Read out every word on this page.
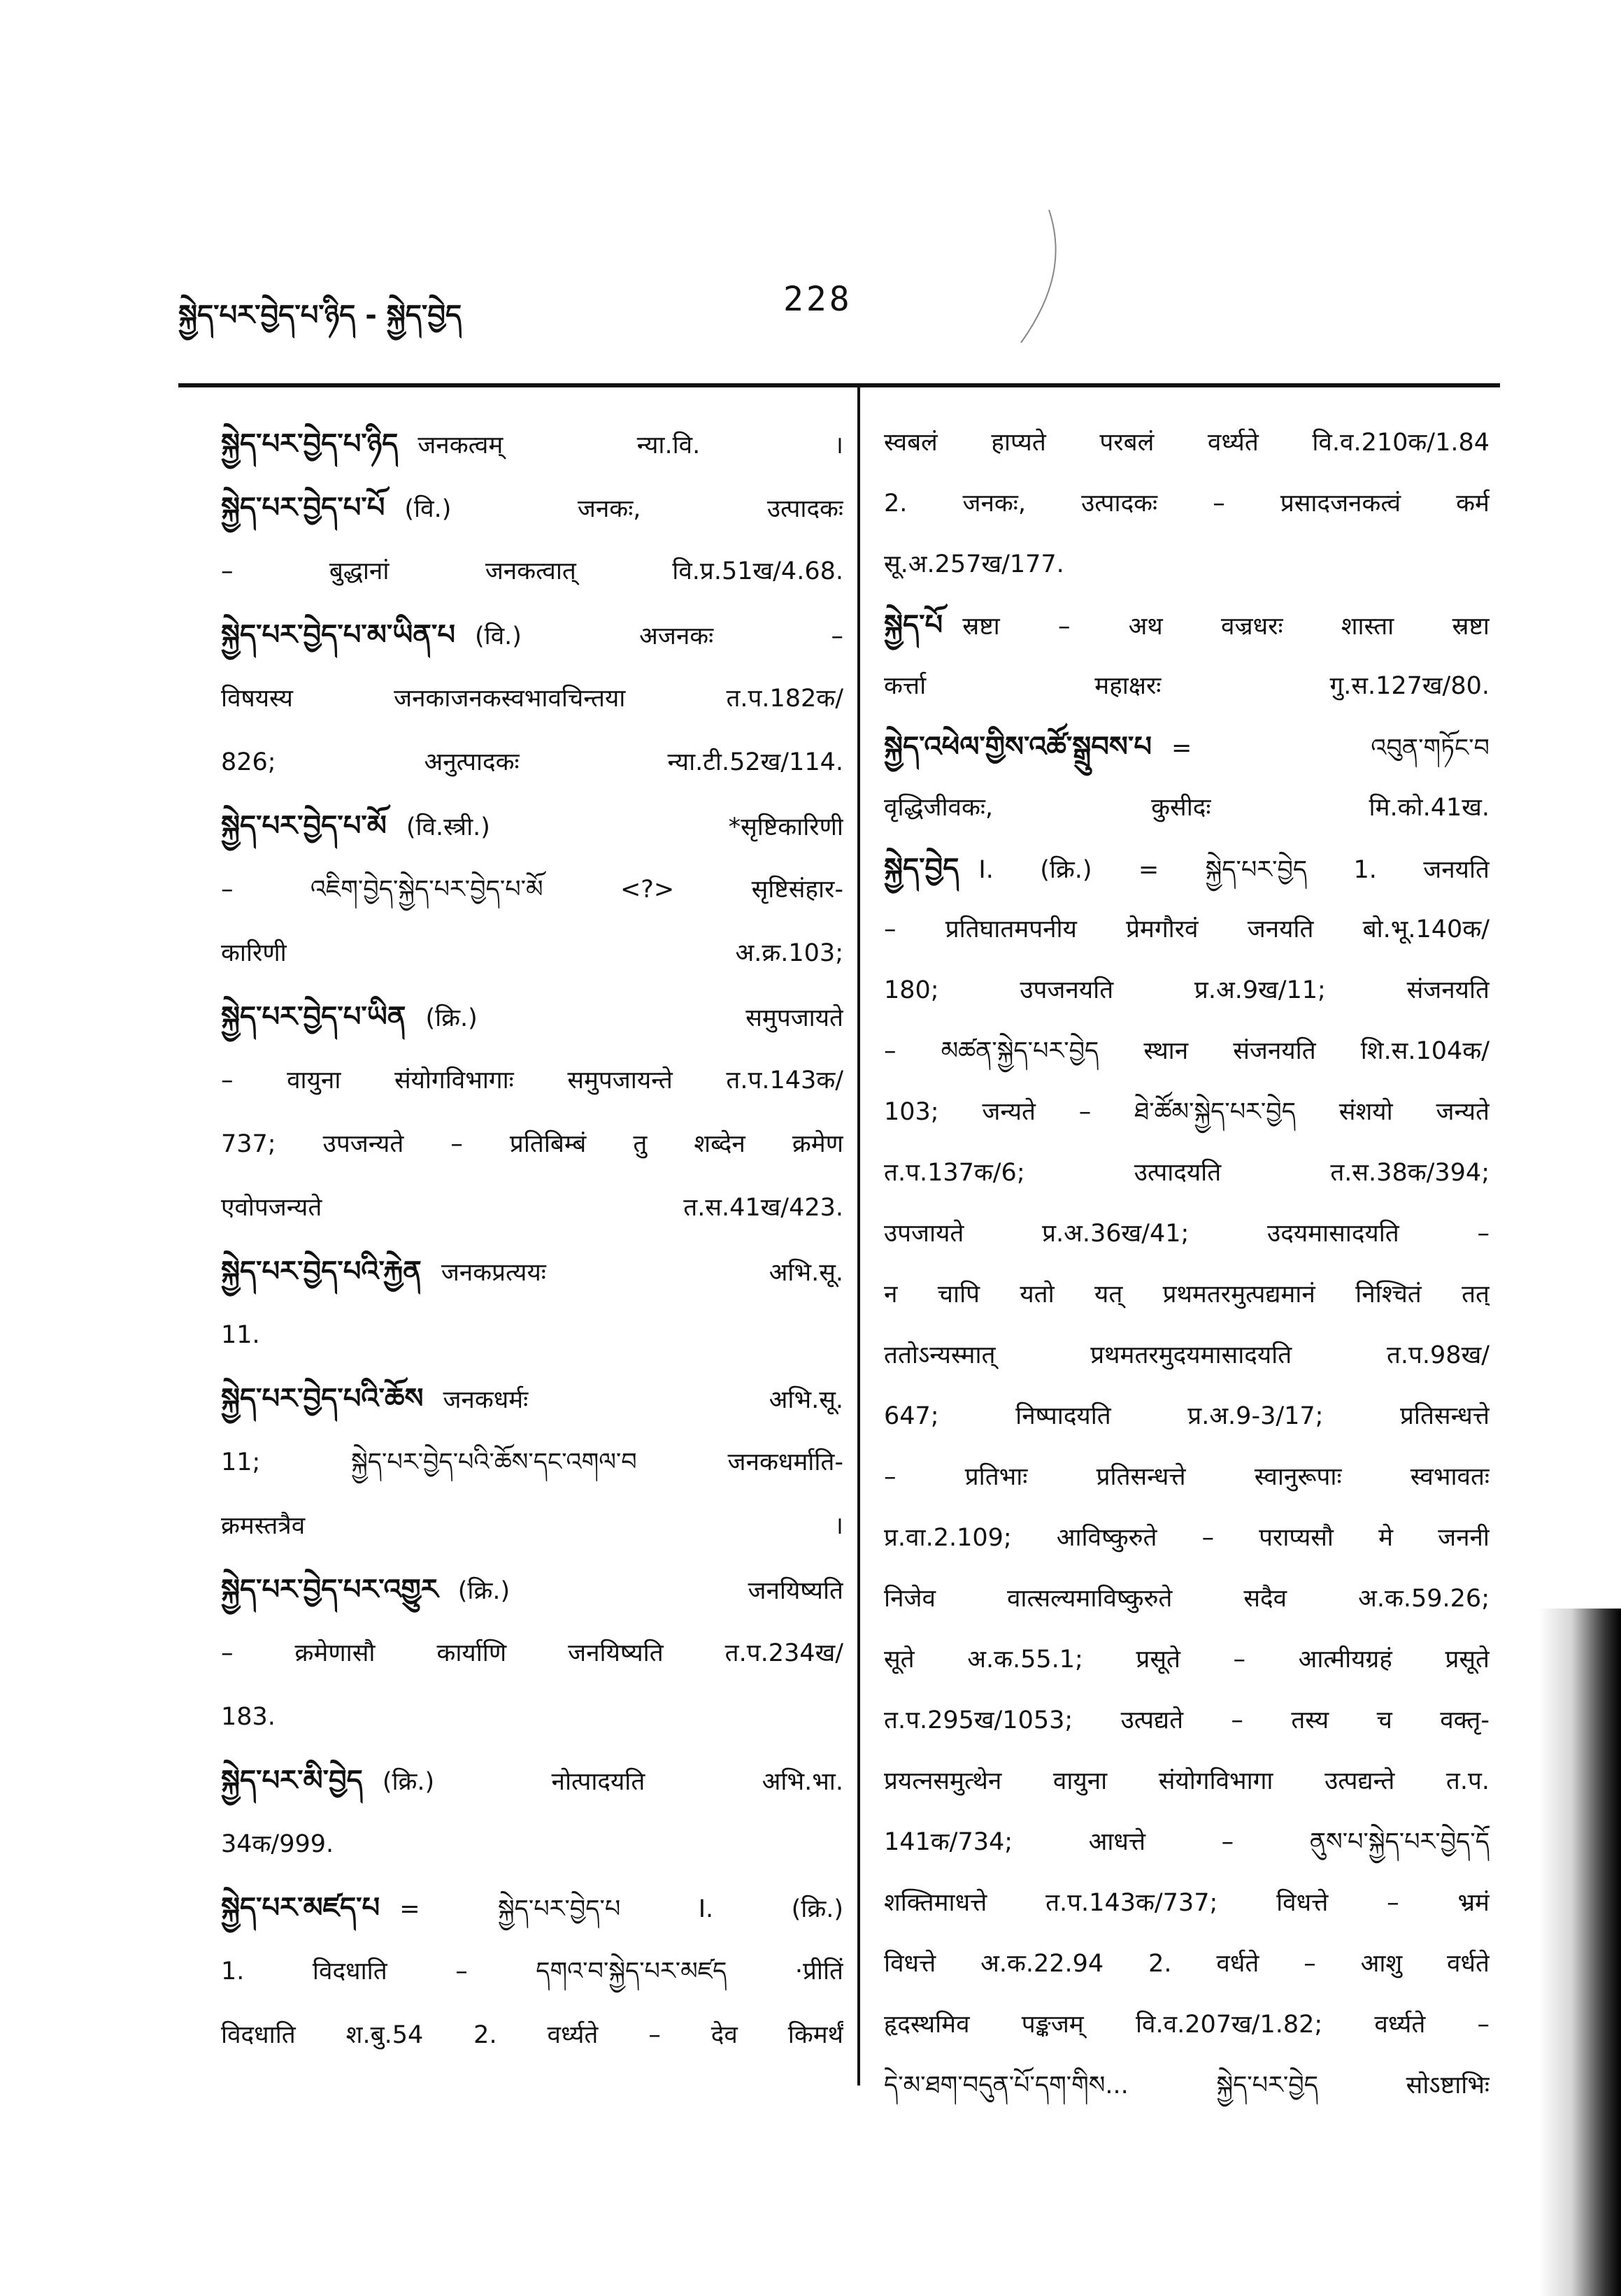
སྐྱེད་པར་བྱེད་པ་ཉིད - སྐྱེད་བྱེད	228
སྐྱེད་པར་བྱེད་པ་ཉིད जनकत्वम् न्या.वि. ।
སྐྱེད་པར་བྱེད་པ་པོ (वि.) जनकः, उत्पादकः
– बुद्धानां जनकत्वात् वि.प्र.51ख/4.68.
སྐྱེད་པར་བྱེད་པ་མ་ཡིན་པ (वि.) अजनकः –
विषयस्य जनकाजनकस्वभावचिन्तया त.प.182क/
826; अनुत्पादकः न्या.टी.52ख/114.
སྐྱེད་པར་བྱེད་པ་མོ (वि.स्त्री.) *सृष्टिकारिणी
– འཇིག་བྱེད་སྐྱེད་པར་བྱེད་པ་མོ <?> सृष्टिसंहार-
कारिणी अ.क्र.103;
སྐྱེད་པར་བྱེད་པ་ཡིན (क्रि.) समुपजायते
– वायुना संयोगविभागाः समुपजायन्ते त.प.143क/
737; उपजन्यते – प्रतिबिम्बं तु शब्देन क्रमेण
एवोपजन्यते त.स.41ख/423.
སྐྱེད་པར་བྱེད་པའི་རྐྱེན जनकप्रत्ययः अभि.सू.
11.
སྐྱེད་པར་བྱེད་པའི་ཆོས जनकधर्मः अभि.सू.
11; སྐྱེད་པར་བྱེད་པའི་ཆོས་དང་འགལ་བ जनकधर्माति-
क्रमस्तत्रैव ।
སྐྱེད་པར་བྱེད་པར་འགྱུར (क्रि.) जनयिष्यति
– क्रमेणासौ कार्याणि जनयिष्यति त.प.234ख/
183.
སྐྱེད་པར་མི་བྱེད (क्रि.) नोत्पादयति अभि.भा.
34क/999.
སྐྱེད་པར་མཛད་པ = སྐྱེད་པར་བྱེད་པ I. (क्रि.)
1. विदधाति – དགའ་བ་སྐྱེད་པར་མཛད ·प्रीतिं
विदधाति श.बु.54 2. वर्ध्यते – देव किमर्थं
स्वबलं हाप्यते परबलं वर्ध्यते वि.व.210क/1.84
2. जनकः, उत्पादकः – प्रसादजनकत्वं कर्म
सू.अ.257ख/177.
སྐྱེད་པོ स्रष्टा – अथ वज्रधरः शास्ता स्रष्टा
कर्त्ता महाक्षरः गु.स.127ख/80.
སྐྱེད་འཕེལ་གྱིས་འཚོ་སྒྲུབས་པ = འབུན་གཏོང་བ
वृद्धिजीवकः, कुसीदः मि.को.41ख.
སྐྱེད་བྱེད I. (क्रि.) = སྐྱེད་པར་བྱེད 1. जनयति
– प्रतिघातमपनीय प्रेमगौरवं जनयति बो.भू.140क/
180; उपजनयति प्र.अ.9ख/11; संजनयति
– མཚན་སྐྱེད་པར་བྱེད स्थान संजनयति शि.स.104क/
103; जन्यते – ཐེ་ཚོམ་སྐྱེད་པར་བྱེད संशयो जन्यते
त.प.137क/6; उत्पादयति त.स.38क/394;
उपजायते प्र.अ.36ख/41; उदयमासादयति –
न चापि यतो यत् प्रथमतरमुत्पद्यमानं निश्चितं तत्
ततोऽन्यस्मात् प्रथमतरमुदयमासादयति त.प.98ख/
647; निष्पादयति प्र.अ.9-3/17; प्रतिसन्धत्ते
– प्रतिभाः प्रतिसन्धत्ते स्वानुरूपाः स्वभावतः
प्र.वा.2.109; आविष्कुरुते – पराप्यसौ मे जननी
निजेव वात्सल्यमाविष्कुरुते सदैव अ.क.59.26;
सूते अ.क.55.1; प्रसूते – आत्मीयग्रहं प्रसूते
त.प.295ख/1053; उत्पद्यते – तस्य च वक्तृ-
प्रयत्नसमुत्थेन वायुना संयोगविभागा उत्पद्यन्ते त.प.
141क/734; आधत्ते – ནུས་པ་སྐྱེད་པར་བྱེད་དོ
शक्तिमाधत्ते त.प.143क/737; विधत्ते – भ्रमं
विधत्ते अ.क.22.94 2. वर्धते – आशु वर्धते
हृदस्थमिव पङ्कजम् वि.व.207ख/1.82; वर्ध्यते –
དེ་མ་ཐག་བདུན་པོ་དག་གིས... སྐྱེད་པར་བྱེད सोऽष्टाभिः
